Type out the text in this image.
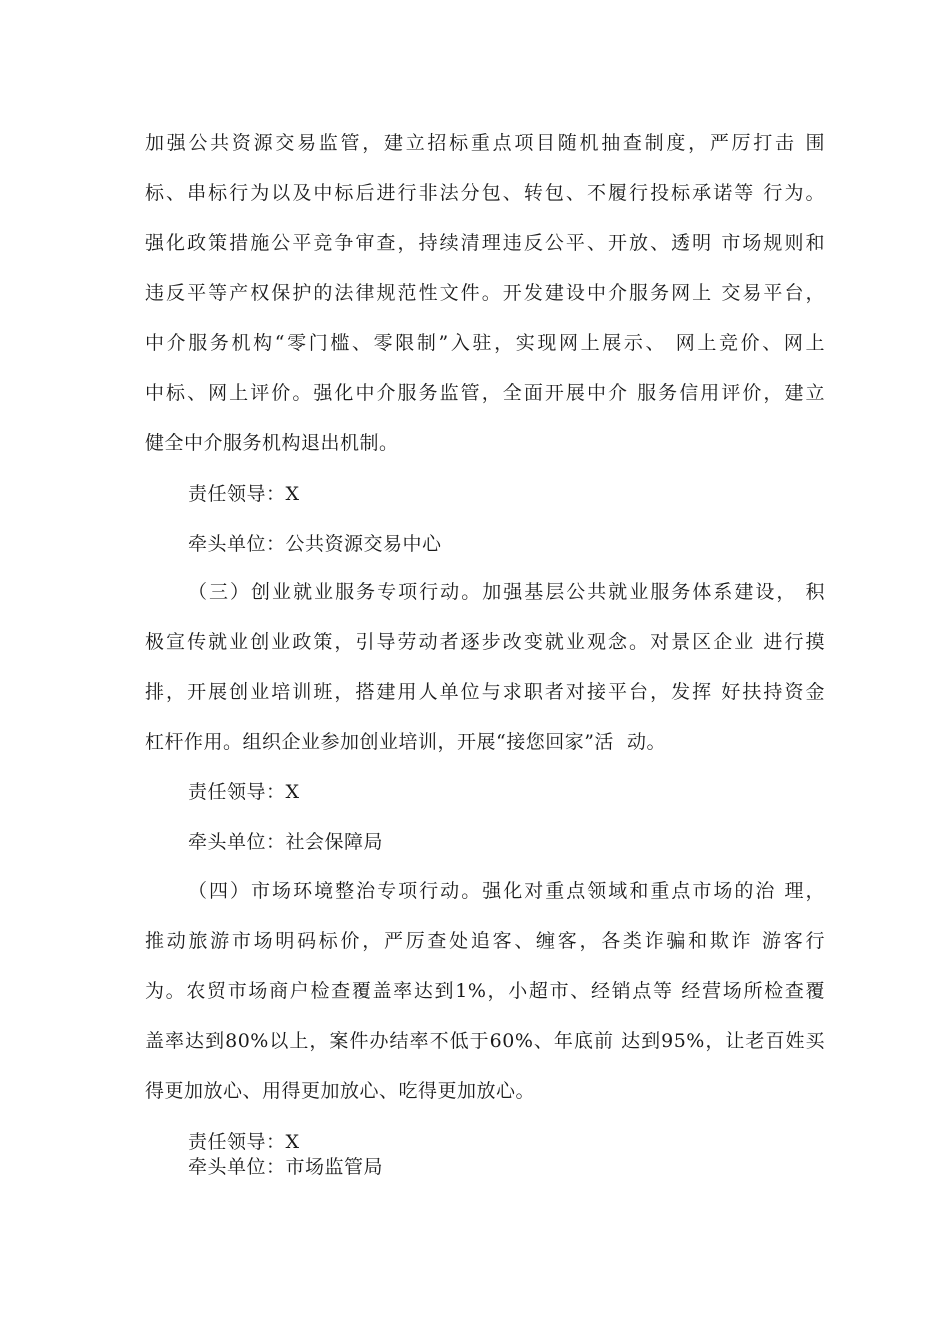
加强公共资源交易监管，建立招标重点项目随机抽查制度，严厉打击 围
标、串标行为以及中标后进行非法分包、转包、不履行投标承诺等 行为。
强化政策措施公平竞争审查，持续清理违反公平、开放、透明 市场规则和
违反平等产权保护的法律规范性文件。开发建设中介服务网上 交易平台，
中介服务机构“零门槛、零限制”入驻，实现网上展示、 网上竞价、网上
中标、网上评价。强化中介服务监管，全面开展中介 服务信用评价，建立
健全中介服务机构退出机制。
责任领导：X
牵头单位：公共资源交易中心
（三）创业就业服务专项行动。加强基层公共就业服务体系建设， 积
极宣传就业创业政策，引导劳动者逐步改变就业观念。对景区企业 进行摸
排，开展创业培训班，搭建用人单位与求职者对接平台，发挥 好扶持资金
杠杆作用。组织企业参加创业培训，开展“接您回家”活  动。
责任领导：X
牵头单位：社会保障局
（四）市场环境整治专项行动。强化对重点领域和重点市场的治 理，
推动旅游市场明码标价，严厉查处追客、缠客，各类诈骗和欺诈 游客行
为。农贸市场商户检查覆盖率达到1%，小超市、经销点等 经营场所检查覆
盖率达到80%以上，案件办结率不低于60%、年底前 达到95%，让老百姓买
得更加放心、用得更加放心、吃得更加放心。
责任领导：X
牵头单位：市场监管局
